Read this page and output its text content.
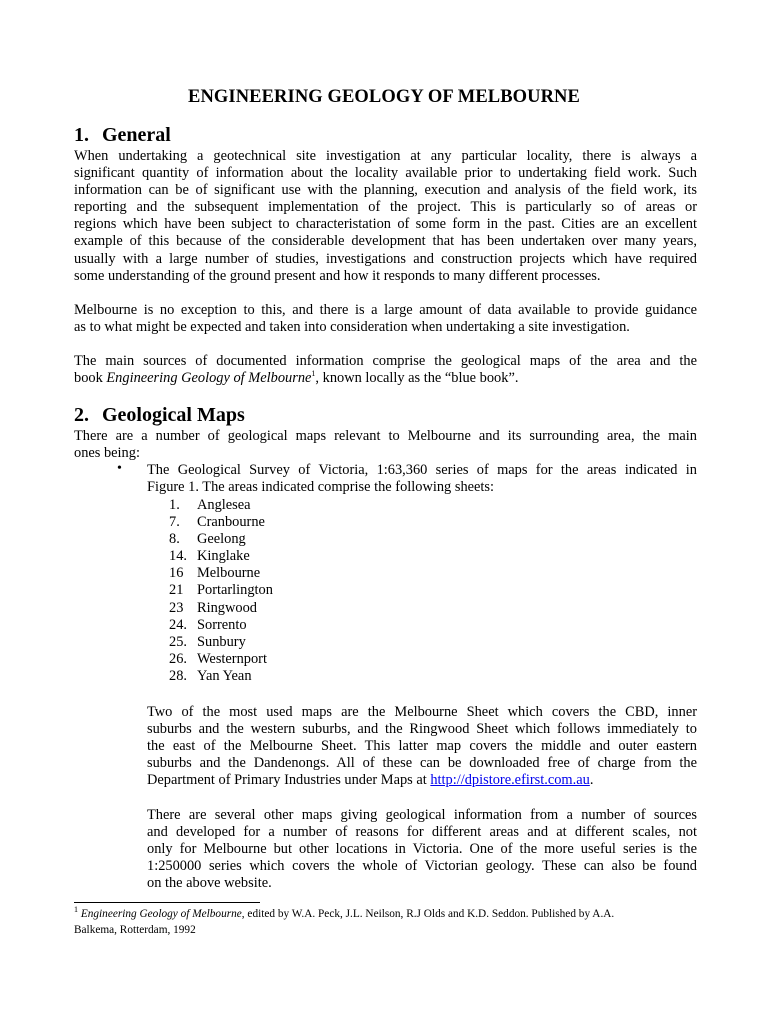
ENGINEERING GEOLOGY OF MELBOURNE
1. General

When undertaking a geotechnical site investigation at any particular locality, there is always a
significant quantity of information about the locality available prior to undertaking field work. Such
information can be of significant use with the planning, execution and analysis of the field work, its
reporting and the subsequent implementation of the project. This is particularly so of areas or
regions which have been subject to characteristation of some form in the past. Cities are an excellent
example of this because of the considerable development that has been undertaken over many years,
usually with a large number of studies, investigations and construction projects which have required
some understanding of the ground present and how it responds to many different processes.

Melbourne is no exception to this, and there is a large amount of data available to provide guidance
as to what might be expected and taken into consideration when undertaking a site investigation.

The main sources of documented information comprise the geological maps of the area and the
book Engineering Geology of Melbourne$^1$, known locally as the “blue book”.

2. Geological Maps

There are a number of geological maps relevant to Melbourne and its surrounding area, the main
ones being:

• The Geological Survey of Victoria, 1:63,360 series of maps for the areas indicated in
Figure 1. The areas indicated comprise the following sheets:

1. Anglesea
7. Cranbourne
8. Geelong
14. Kinglake
16 Melbourne
21 Portarlington
23 Ringwood
24. Sorrento
25. Sunbury
26. Westernport
28. Yan Yean

Two of the most used maps are the Melbourne Sheet which covers the CBD, inner
suburbs and the western suburbs, and the Ringwood Sheet which follows immediately to
the east of the Melbourne Sheet. This latter map covers the middle and outer eastern
suburbs and the Dandenongs. All of these can be downloaded free of charge from the
Department of Primary Industries under Maps at http://dpistore.efirst.com.au.

There are several other maps giving geological information from a number of sources
and developed for a number of reasons for different areas and at different scales, not
only for Melbourne but other locations in Victoria. One of the more useful series is the
1:250000 series which covers the whole of Victorian geology. These can also be found
on the above website.

$^1$ Engineering Geology of Melbourne, edited by W.A. Peck, J.L. Neilson, R.J Olds and K.D. Seddon. Published by A.A.
Balkema, Rotterdam, 1992
